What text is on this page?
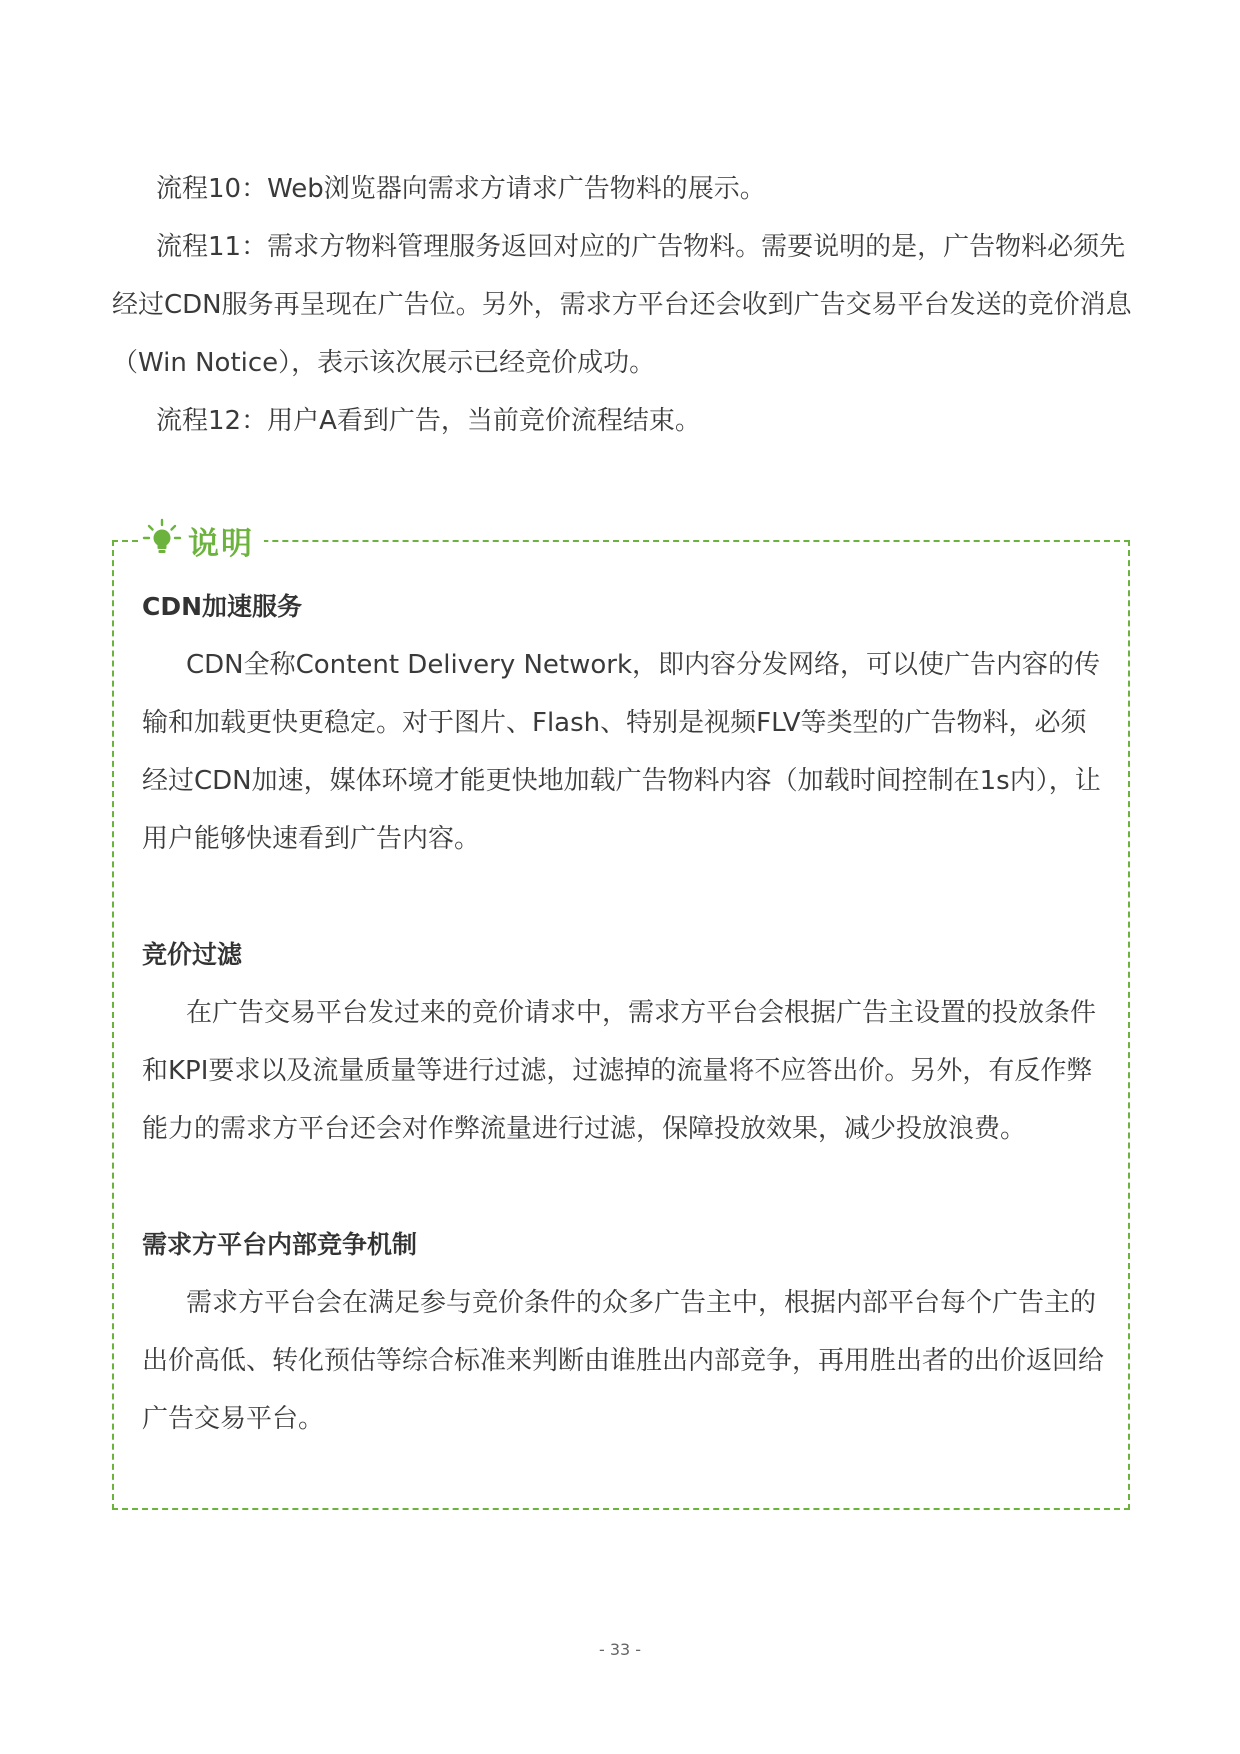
流程10：Web浏览器向需求方请求广告物料的展示。

流程11：需求方物料管理服务返回对应的广告物料。需要说明的是，广告物料必须先经过CDN服务再呈现在广告位。另外，需求方平台还会收到广告交易平台发送的竞价消息（Win Notice），表示该次展示已经竞价成功。

流程12：用户A看到广告，当前竞价流程结束。

说明

CDN加速服务

CDN全称Content Delivery Network，即内容分发网络，可以使广告内容的传输和加载更快更稳定。对于图片、Flash、特别是视频FLV等类型的广告物料，必须经过CDN加速，媒体环境才能更快地加载广告物料内容（加载时间控制在1s内），让用户能够快速看到广告内容。

竞价过滤

在广告交易平台发过来的竞价请求中，需求方平台会根据广告主设置的投放条件和KPI要求以及流量质量等进行过滤，过滤掉的流量将不应答出价。另外，有反作弊能力的需求方平台还会对作弊流量进行过滤，保障投放效果，减少投放浪费。

需求方平台内部竞争机制

需求方平台会在满足参与竞价条件的众多广告主中，根据内部平台每个广告主的出价高低、转化预估等综合标准来判断由谁胜出内部竞争，再用胜出者的出价返回给广告交易平台。

- 33 -
